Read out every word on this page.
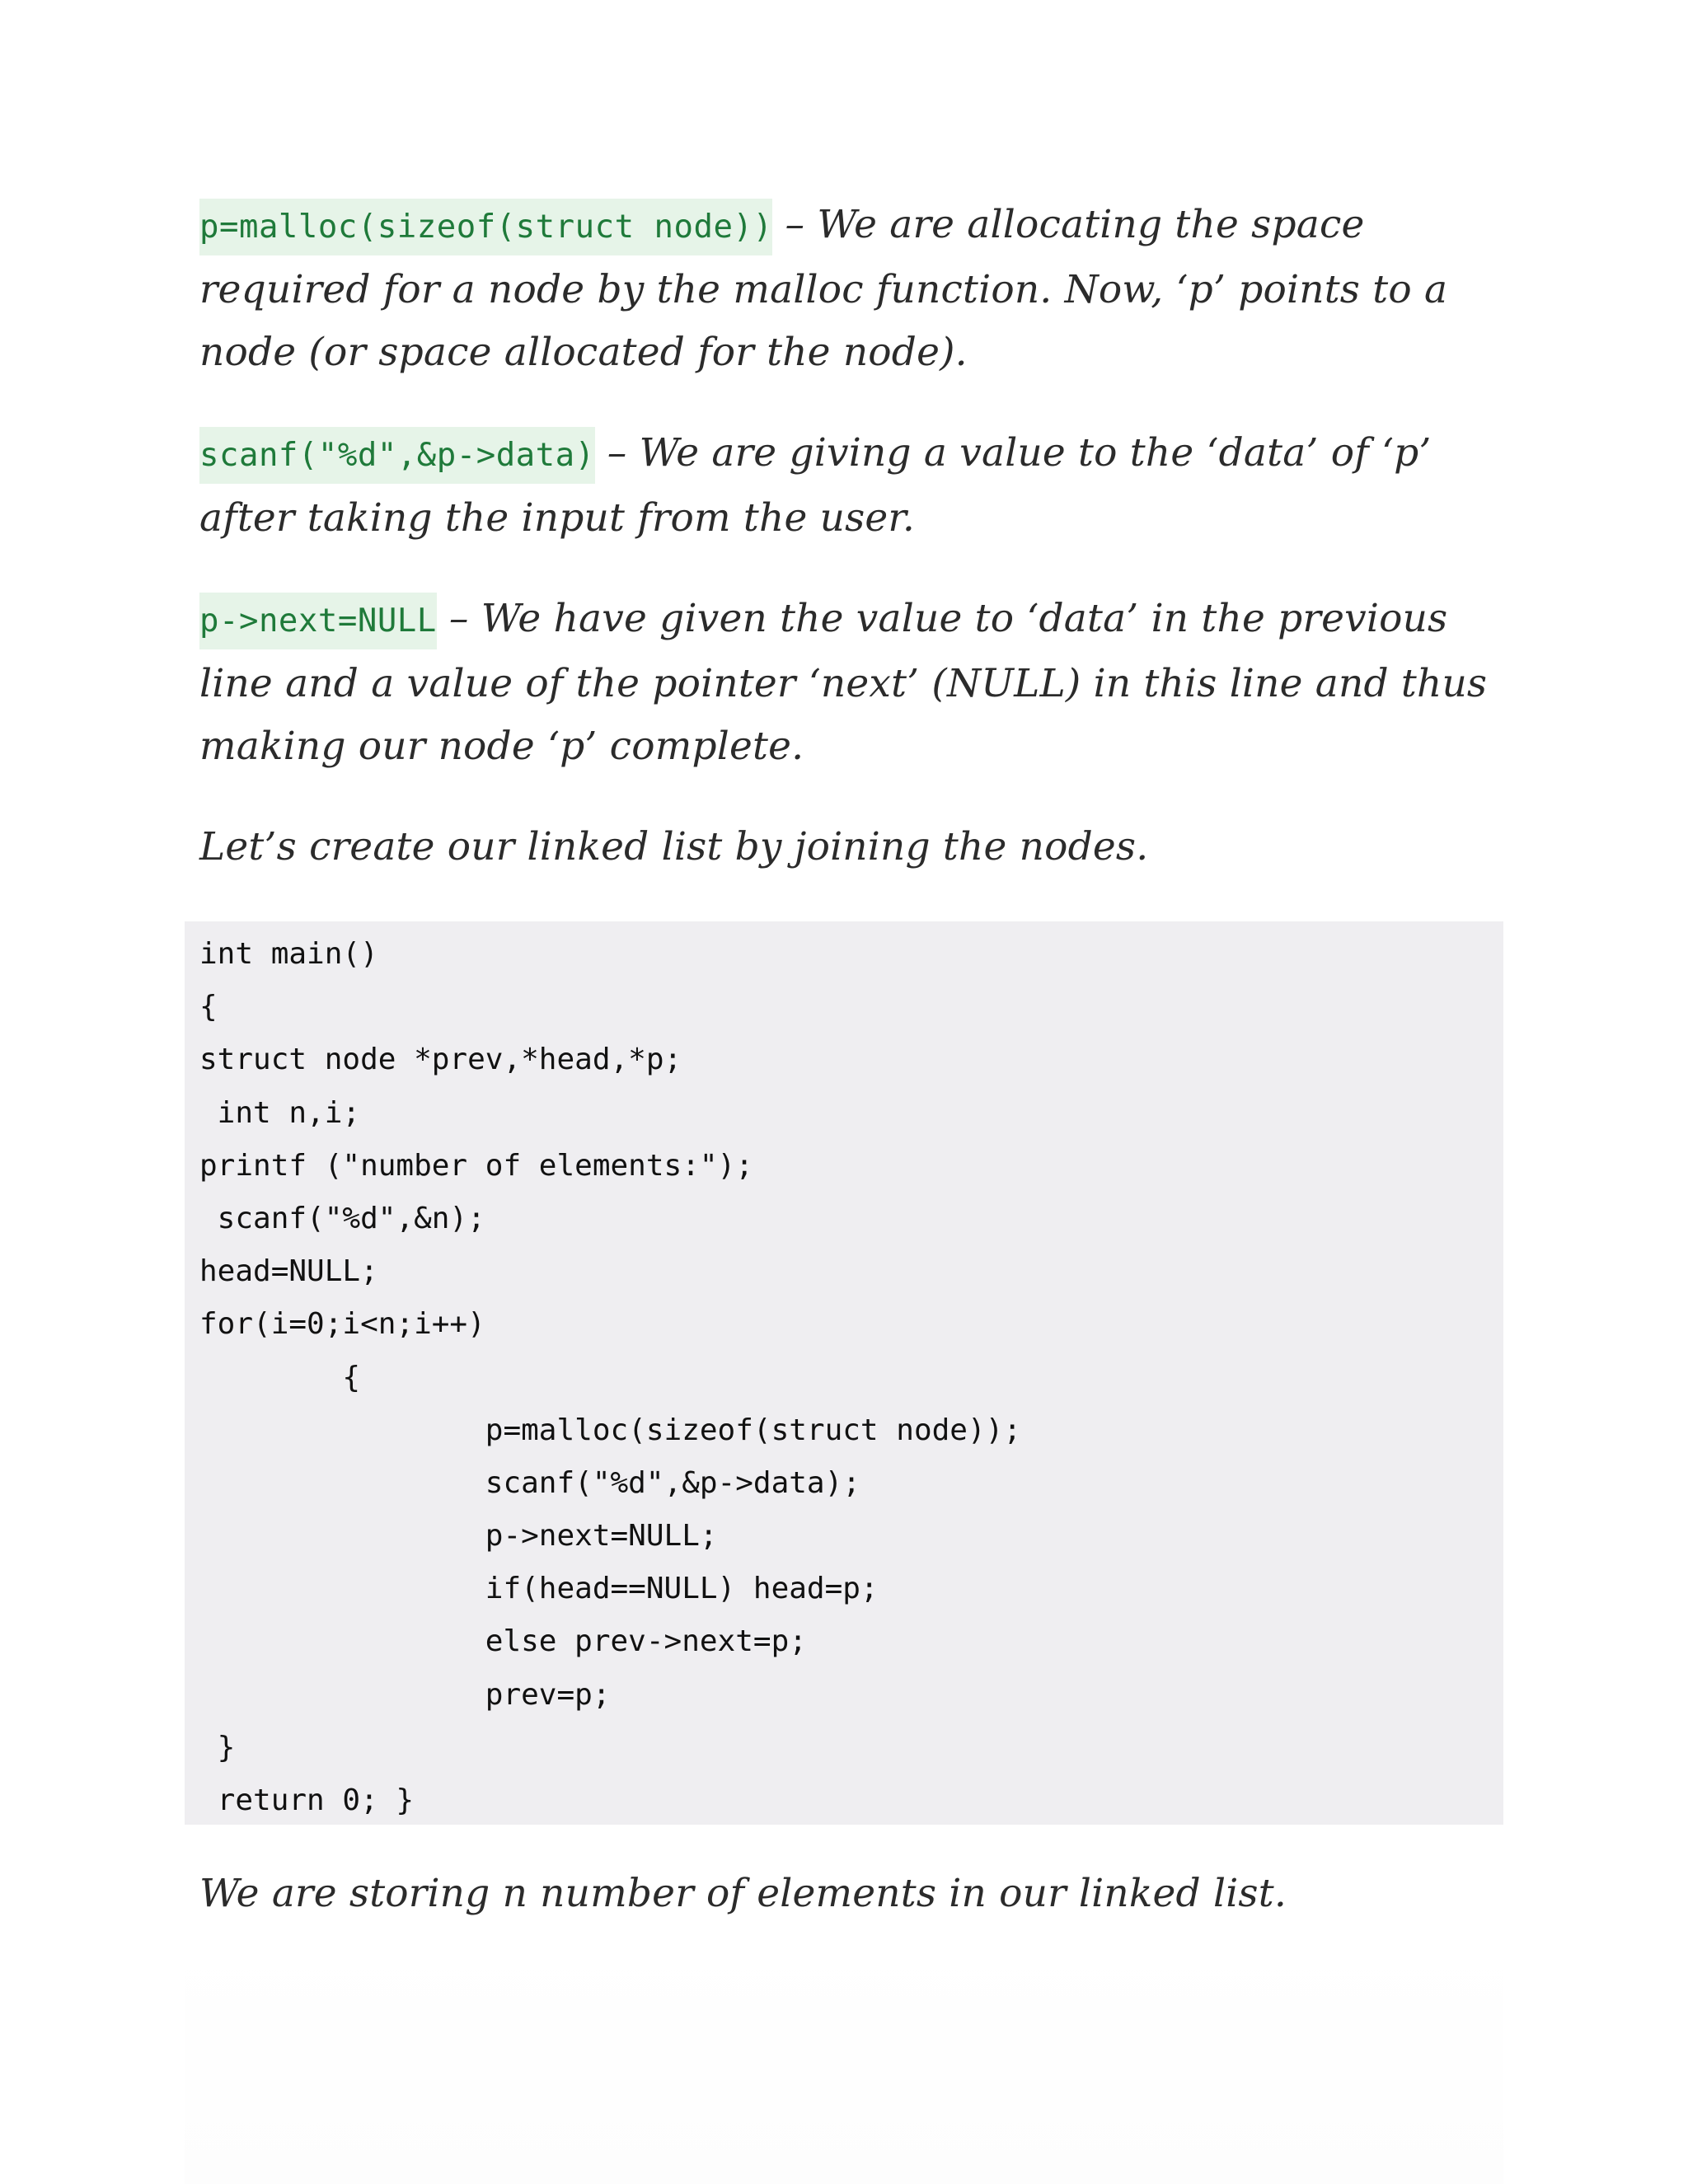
p=malloc(sizeof(struct node)) – We are allocating the space required for a node by the malloc function. Now, ‘p’ points to a node (or space allocated for the node).

scanf("%d",&p->data) – We are giving a value to the ‘data’ of ‘p’ after taking the input from the user.

p->next=NULL – We have given the value to ‘data’ in the previous line and a value of the pointer ‘next’ (NULL) in this line and thus making our node ‘p’ complete.

Let’s create our linked list by joining the nodes.

int main()
{
struct node *prev,*head,*p;
int n,i;
printf ("number of elements:");
scanf("%d",&n);
head=NULL;
for(i=0;i<n;i++)
{
p=malloc(sizeof(struct node));
scanf("%d",&p->data);
p->next=NULL;
if(head==NULL) head=p;
else prev->next=p;
prev=p;
}
return 0; }

We are storing n number of elements in our linked list.
